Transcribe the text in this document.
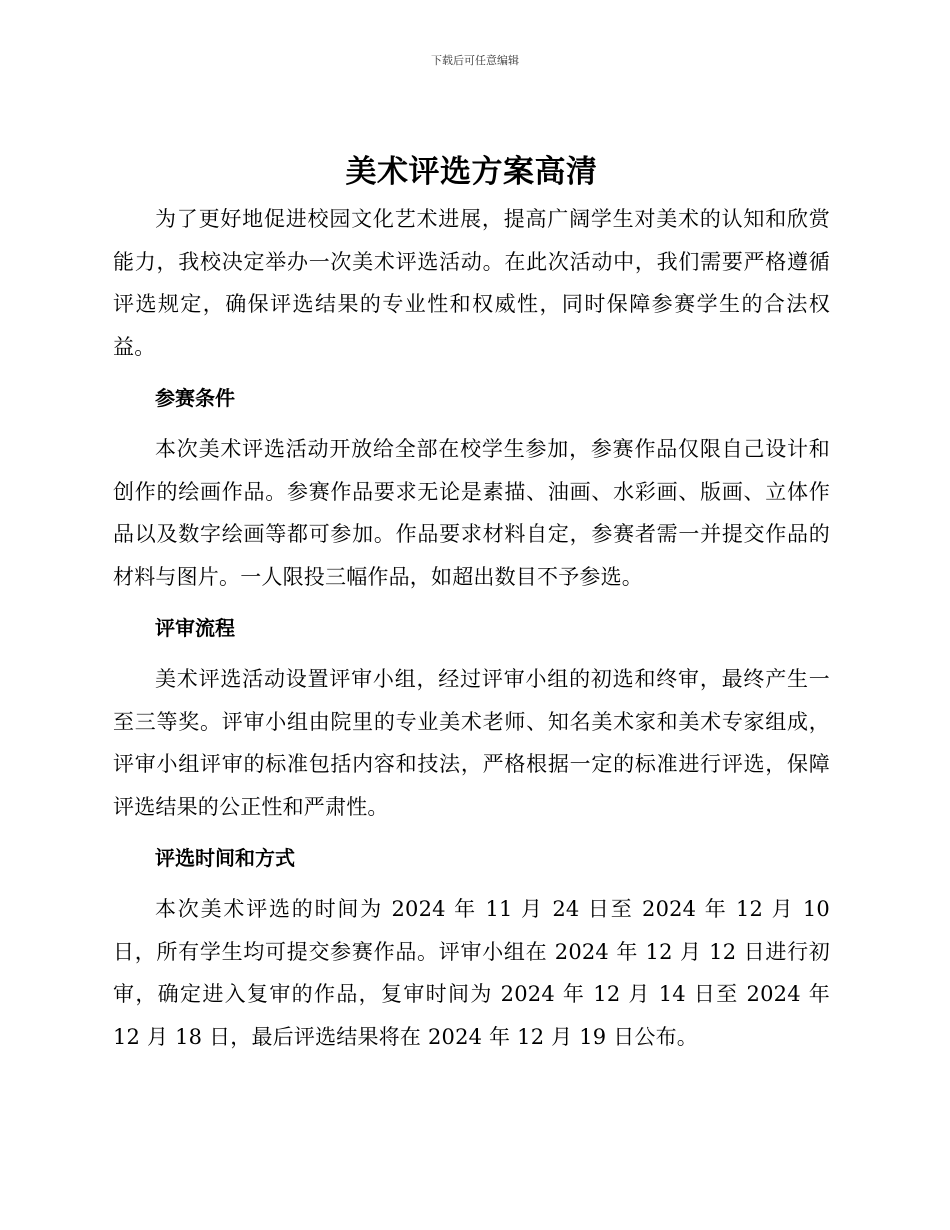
下载后可任意编辑
美术评选方案高清

为了更好地促进校园文化艺术进展，提高广阔学生对美术的认知和欣赏能力，我校决定举办一次美术评选活动。在此次活动中，我们需要严格遵循评选规定，确保评选结果的专业性和权威性，同时保障参赛学生的合法权益。

参赛条件

本次美术评选活动开放给全部在校学生参加，参赛作品仅限自己设计和创作的绘画作品。参赛作品要求无论是素描、油画、水彩画、版画、立体作品以及数字绘画等都可参加。作品要求材料自定，参赛者需一并提交作品的材料与图片。一人限投三幅作品，如超出数目不予参选。

评审流程

美术评选活动设置评审小组，经过评审小组的初选和终审，最终产生一至三等奖。评审小组由院里的专业美术老师、知名美术家和美术专家组成，评审小组评审的标准包括内容和技法，严格根据一定的标准进行评选，保障评选结果的公正性和严肃性。

评选时间和方式

本次美术评选的时间为 2024 年 11 月 24 日至 2024 年 12 月 10 日，所有学生均可提交参赛作品。评审小组在 2024 年 12 月 12 日进行初审，确定进入复审的作品，复审时间为 2024 年 12 月 14 日至 2024 年 12 月 18 日，最后评选结果将在 2024 年 12 月 19 日公布。
